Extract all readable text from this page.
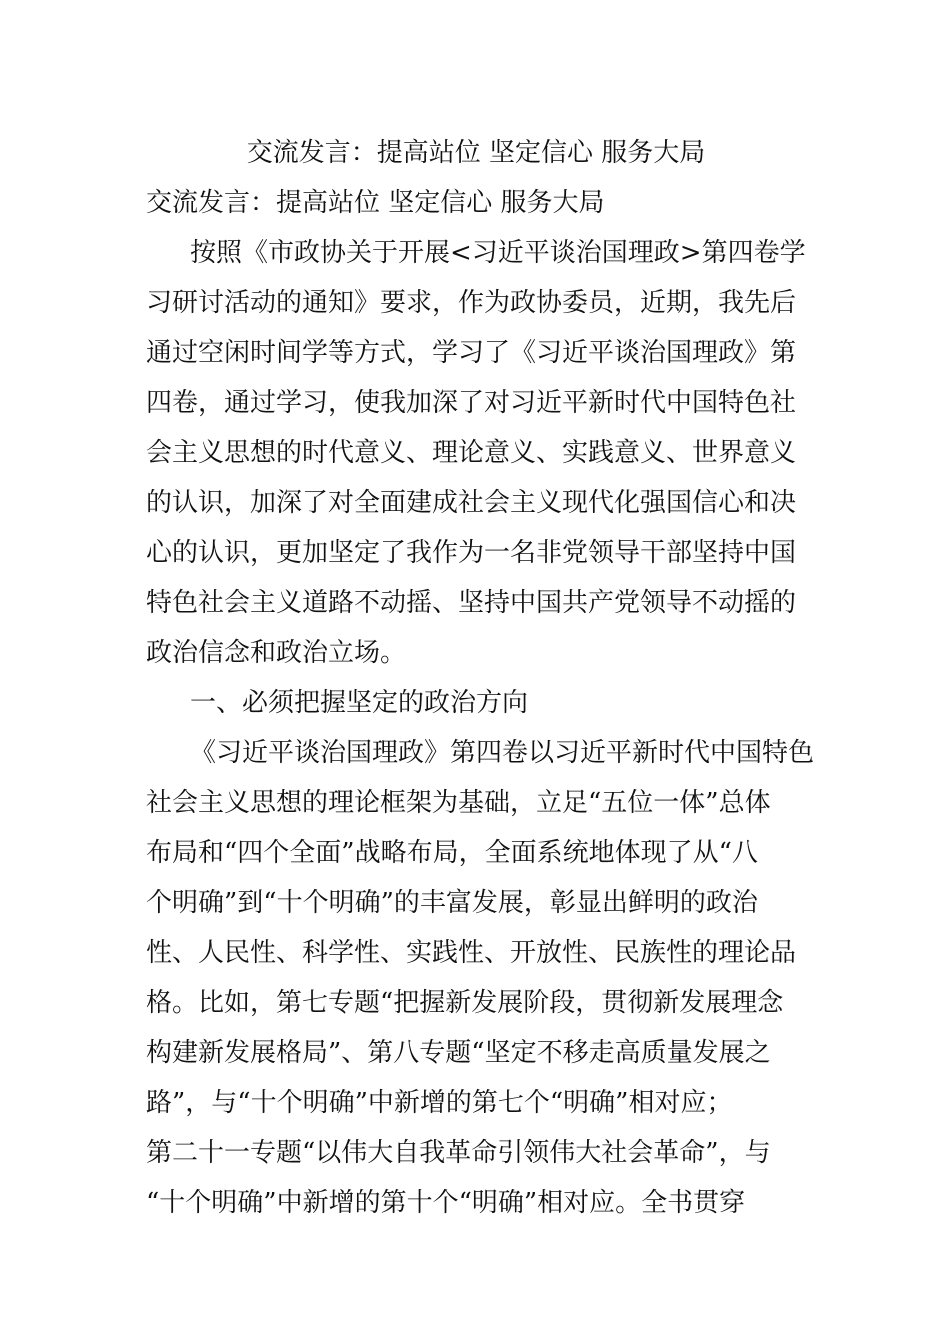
交流发言：提高站位 坚定信心 服务大局

交流发言：提高站位 坚定信心 服务大局

按照《市政协关于开展<习近平谈治国理政>第四卷学

习研讨活动的通知》要求，作为政协委员，近期，我先后

通过空闲时间学等方式，学习了《习近平谈治国理政》第

四卷，通过学习，使我加深了对习近平新时代中国特色社

会主义思想的时代意义、理论意义、实践意义、世界意义

的认识，加深了对全面建成社会主义现代化强国信心和决

心的认识，更加坚定了我作为一名非党领导干部坚持中国

特色社会主义道路不动摇、坚持中国共产党领导不动摇的

政治信念和政治立场。

一、必须把握坚定的政治方向

《习近平谈治国理政》第四卷以习近平新时代中国特色

社会主义思想的理论框架为基础，立足“五位一体”总体

布局和“四个全面”战略布局，全面系统地体现了从“八

个明确”到“十个明确”的丰富发展，彰显出鲜明的政治

性、人民性、科学性、实践性、开放性、民族性的理论品

格。比如，第七专题“把握新发展阶段，贯彻新发展理念

构建新发展格局”、第八专题“坚定不移走高质量发展之

路”，与“十个明确”中新增的第七个“明确”相对应；

第二十一专题“以伟大自我革命引领伟大社会革命”，与

“十个明确”中新增的第十个“明确”相对应。全书贯穿
